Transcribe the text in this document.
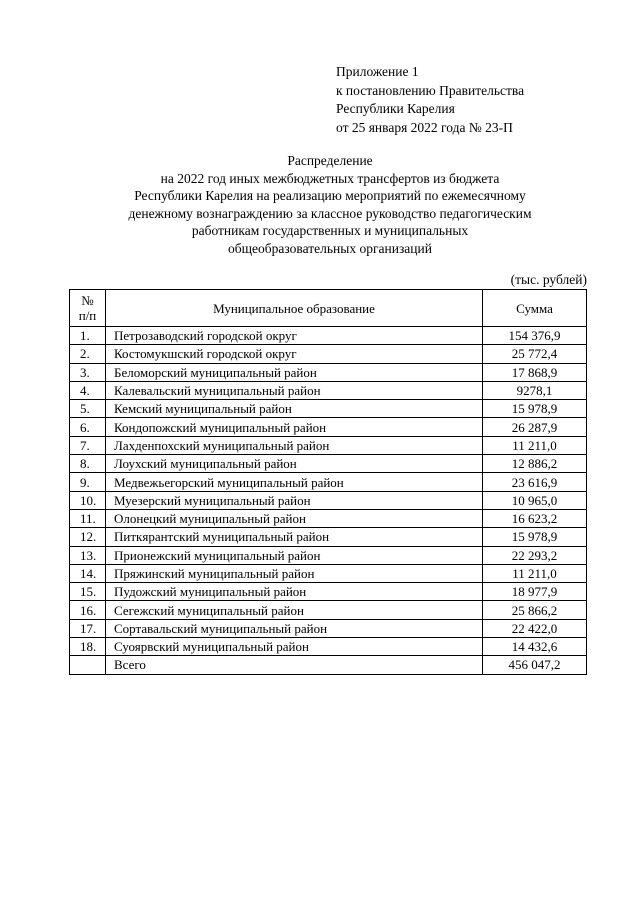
Приложение 1
к постановлению Правительства
Республики Карелия
от 25 января 2022 года № 23-П
Распределение
на 2022 год иных межбюджетных трансфертов из бюджета
Республики Карелия на реализацию мероприятий по ежемесячному
денежному вознаграждению за классное руководство педагогическим
работникам государственных и муниципальных
общеобразовательных организаций
(тыс. рублей)
№
п/п	Муниципальное образование	Сумма
1.	Петрозаводский городской округ	154 376,9
2.	Костомукшский городской округ	25 772,4
3.	Беломорский муниципальный район	17 868,9
4.	Калевальский муниципальный район	9278,1
5.	Кемский муниципальный район	15 978,9
6.	Кондопожский муниципальный район	26 287,9
7.	Лахденпохский муниципальный район	11 211,0
8.	Лоухский муниципальный район	12 886,2
9.	Медвежьегорский муниципальный район	23 616,9
10.	Муезерский муниципальный район	10 965,0
11.	Олонецкий муниципальный район	16 623,2
12.	Питкярантский муниципальный район	15 978,9
13.	Прионежский муниципальный район	22 293,2
14.	Пряжинский муниципальный район	11 211,0
15.	Пудожский муниципальный район	18 977,9
16.	Сегежский муниципальный район	25 866,2
17.	Сортавальский муниципальный район	22 422,0
18.	Суоярвский муниципальный район	14 432,6
	Всего	456 047,2
